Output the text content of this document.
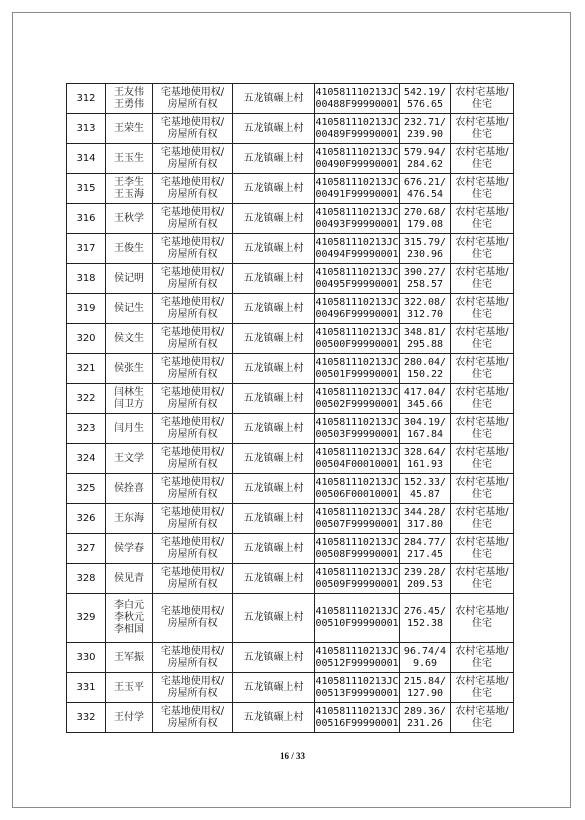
312	王友伟
王勇伟	宅基地使用权/
房屋所有权	五龙镇碾上村	410581110213JC
00488F99990001	542.19/
576.65	农村宅基地/
住宅

313	王荣生	宅基地使用权/
房屋所有权	五龙镇碾上村	410581110213JC
00489F99990001	232.71/
239.90	农村宅基地/
住宅

314	王玉生	宅基地使用权/
房屋所有权	五龙镇碾上村	410581110213JC
00490F99990001	579.94/
284.62	农村宅基地/
住宅

315	王李生
王玉海	宅基地使用权/
房屋所有权	五龙镇碾上村	410581110213JC
00491F99990001	676.21/
476.54	农村宅基地/
住宅

316	王秋学	宅基地使用权/
房屋所有权	五龙镇碾上村	410581110213JC
00493F99990001	270.68/
179.08	农村宅基地/
住宅

317	王俊生	宅基地使用权/
房屋所有权	五龙镇碾上村	410581110213JC
00494F99990001	315.79/
230.96	农村宅基地/
住宅

318	侯记明	宅基地使用权/
房屋所有权	五龙镇碾上村	410581110213JC
00495F99990001	390.27/
258.57	农村宅基地/
住宅

319	侯记生	宅基地使用权/
房屋所有权	五龙镇碾上村	410581110213JC
00496F99990001	322.08/
312.70	农村宅基地/
住宅

320	侯文生	宅基地使用权/
房屋所有权	五龙镇碾上村	410581110213JC
00500F99990001	348.81/
295.88	农村宅基地/
住宅

321	侯张生	宅基地使用权/
房屋所有权	五龙镇碾上村	410581110213JC
00501F99990001	280.04/
150.22	农村宅基地/
住宅

322	闫林生
闫卫方	宅基地使用权/
房屋所有权	五龙镇碾上村	410581110213JC
00502F99990001	417.04/
345.66	农村宅基地/
住宅

323	闫月生	宅基地使用权/
房屋所有权	五龙镇碾上村	410581110213JC
00503F99990001	304.19/
167.84	农村宅基地/
住宅

324	王文学	宅基地使用权/
房屋所有权	五龙镇碾上村	410581110213JC
00504F00010001	328.64/
161.93	农村宅基地/
住宅

325	侯拴喜	宅基地使用权/
房屋所有权	五龙镇碾上村	410581110213JC
00506F00010001	152.33/
45.87	农村宅基地/
住宅

326	王东海	宅基地使用权/
房屋所有权	五龙镇碾上村	410581110213JC
00507F99990001	344.28/
317.80	农村宅基地/
住宅

327	侯学春	宅基地使用权/
房屋所有权	五龙镇碾上村	410581110213JC
00508F99990001	284.77/
217.45	农村宅基地/
住宅

328	侯见青	宅基地使用权/
房屋所有权	五龙镇碾上村	410581110213JC
00509F99990001	239.28/
209.53	农村宅基地/
住宅

329	李白元
李秋元
李相国	宅基地使用权/
房屋所有权	五龙镇碾上村	410581110213JC
00510F99990001	276.45/
152.38	农村宅基地/
住宅

330	王军振	宅基地使用权/
房屋所有权	五龙镇碾上村	410581110213JC
00512F99990001	96.74/4
9.69	农村宅基地/
住宅

331	王玉平	宅基地使用权/
房屋所有权	五龙镇碾上村	410581110213JC
00513F99990001	215.84/
127.90	农村宅基地/
住宅

332	王付学	宅基地使用权/
房屋所有权	五龙镇碾上村	410581110213JC
00516F99990001	289.36/
231.26	农村宅基地/
住宅
16 / 33
